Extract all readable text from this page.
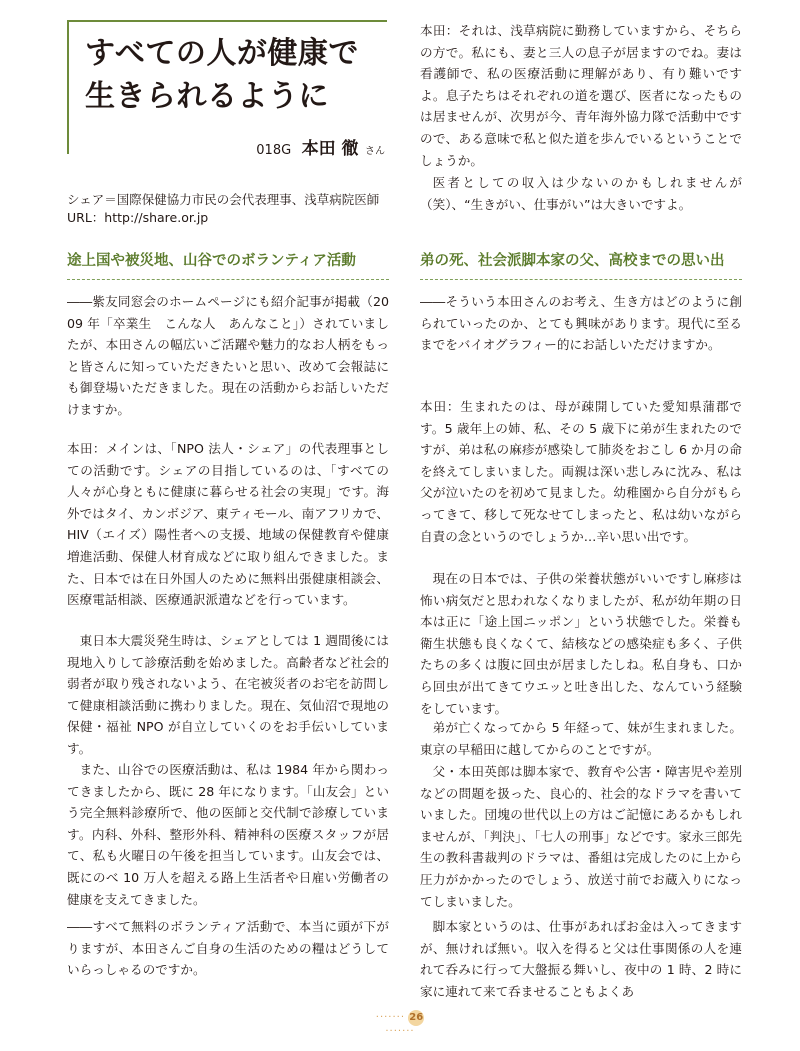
すべての人が健康で
生きられるように
018G 本田 徹 さん
シェア＝国際保健協力市民の会代表理事、浅草病院医師
URL：http://share.or.jp
途上国や被災地、山谷でのボランティア活動

――紫友同窓会のホームページにも紹介記事が掲載（2009 年「卒業生　こんな人　あんなこと」）されていましたが、本田さんの幅広いご活躍や魅力的なお人柄をもっと皆さんに知っていただきたいと思い、改めて会報誌にも御登場いただきました。現在の活動からお話しいただけますか。

本田：メインは、「NPO 法人・シェア」の代表理事としての活動です。シェアの目指しているのは、「すべての人々が心身ともに健康に暮らせる社会の実現」です。海外ではタイ、カンボジア、東ティモール、南アフリカで、HIV（エイズ）陽性者への支援、地域の保健教育や健康増進活動、保健人材育成などに取り組んできました。また、日本では在日外国人のために無料出張健康相談会、医療電話相談、医療通訳派遣などを行っています。

東日本大震災発生時は、シェアとしては 1 週間後には現地入りして診療活動を始めました。高齢者など社会的弱者が取り残されないよう、在宅被災者のお宅を訪問して健康相談活動に携わりました。現在、気仙沼で現地の保健・福祉 NPO が自立していくのをお手伝いしています。

また、山谷での医療活動は、私は 1984 年から関わってきましたから、既に 28 年になります。「山友会」という完全無料診療所で、他の医師と交代制で診療しています。内科、外科、整形外科、精神科の医療スタッフが居て、私も火曜日の午後を担当しています。山友会では、既にのべ 10 万人を超える路上生活者や日雇い労働者の健康を支えてきました。

――すべて無料のボランティア活動で、本当に頭が下がりますが、本田さんご自身の生活のための糧はどうしていらっしゃるのですか。

本田：それは、浅草病院に勤務していますから、そちらの方で。私にも、妻と三人の息子が居ますのでね。妻は看護師で、私の医療活動に理解があり、有り難いですよ。息子たちはそれぞれの道を選び、医者になったものは居ませんが、次男が今、青年海外協力隊で活動中ですので、ある意味で私と似た道を歩んでいるということでしょうか。

医者としての収入は少ないのかもしれませんが（笑）、“生きがい、仕事がい”は大きいですよ。

弟の死、社会派脚本家の父、高校までの思い出

――そういう本田さんのお考え、生き方はどのように創られていったのか、とても興味があります。現代に至るまでをバイオグラフィー的にお話しいただけますか。

本田：生まれたのは、母が疎開していた愛知県蒲郡です。5 歳年上の姉、私、その 5 歳下に弟が生まれたのですが、弟は私の麻疹が感染して肺炎をおこし 6 か月の命を終えてしまいました。両親は深い悲しみに沈み、私は父が泣いたのを初めて見ました。幼稚園から自分がもらってきて、移して死なせてしまったと、私は幼いながら自責の念というのでしょうか…辛い思い出です。

現在の日本では、子供の栄養状態がいいですし麻疹は怖い病気だと思われなくなりましたが、私が幼年期の日本は正に「途上国ニッポン」という状態でした。栄養も衛生状態も良くなくて、結核などの感染症も多く、子供たちの多くは腹に回虫が居ましたしね。私自身も、口から回虫が出てきてウエッと吐き出した、なんていう経験をしています。

弟が亡くなってから 5 年経って、妹が生まれました。東京の早稲田に越してからのことですが。

父・本田英郎は脚本家で、教育や公害・障害児や差別などの問題を扱った、良心的、社会的なドラマを書いていました。団塊の世代以上の方はご記憶にあるかもしれませんが、「判決」、「七人の刑事」などです。家永三郎先生の教科書裁判のドラマは、番組は完成したのに上から圧力がかかったのでしょう、放送寸前でお蔵入りになってしまいました。

脚本家というのは、仕事があればお金は入ってきますが、無ければ無い。収入を得ると父は仕事関係の人を連れて呑みに行って大盤振る舞いし、夜中の 1 時、2 時に家に連れて来て呑ませることもよくあ

······· 26 ·······
